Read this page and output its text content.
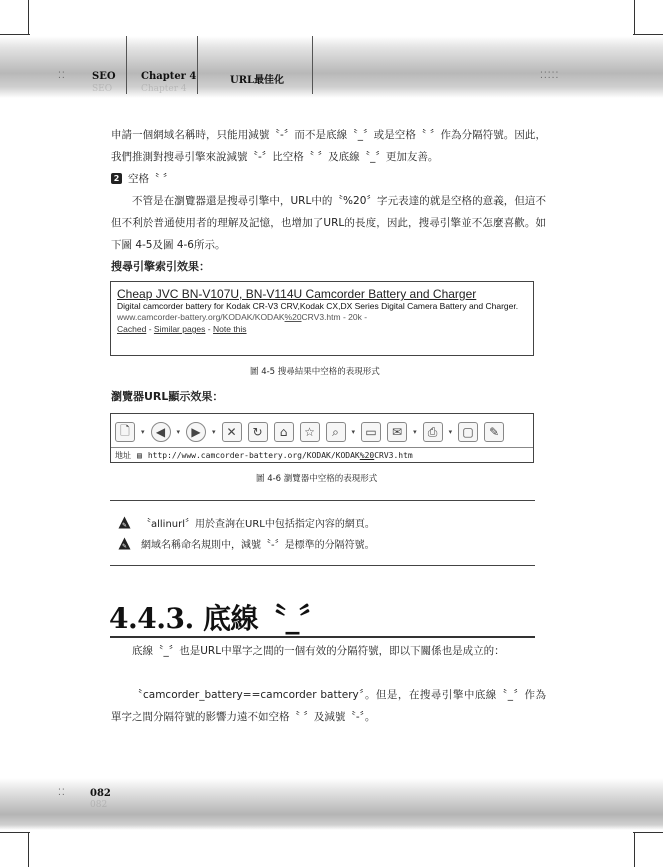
⁚⁚	⁚⁚⁚⁚⁚
SEO
SEO
Chapter 4
Chapter 4
URL最佳化
申請一個網域名稱時，只能用減號〝-〞而不是底線〝_〞或是空格〝 〞作為分隔符號。因此，我們推測對搜尋引擎來說減號〝-〞比空格〝 〞及底線〝_〞更加友善。
2 空格〝 〞
不管是在瀏覽器還是搜尋引擎中，URL中的〝%20〞字元表達的就是空格的意義，但這不但不利於普通使用者的理解及記憶，也增加了URL的長度，因此，搜尋引擎並不怎麼喜歡。如下圖 4-5及圖 4-6所示。
搜尋引擎索引效果：
Cheap JVC BN-V107U, BN-V114U Camcorder Battery and Charger
Digital camcorder battery for Kodak CR-V3 CRV,Kodak CX,DX Series Digital Camera Battery and Charger.
www.camcorder-battery.org/KODAK/KODAK%20CRV3.htm - 20k -
Cached - Similar pages - Note this
圖 4-5 搜尋結果中空格的表現形式
瀏覽器URL顯示效果：
🗋	▾ ◀	▾ ▶	▾ ✕	↻	⌂	☆	⌕	▾ ▭	✉	▾ ⎙	▾ ▢	✎
地址 ▤ http://www.camcorder-battery.org/KODAK/KODAK%20CRV3.htm
圖 4-6 瀏覽器中空格的表現形式
✎ 〝allinurl〞用於查詢在URL中包括指定內容的網頁。
✎ 網域名稱命名規則中，減號〝-〞是標準的分隔符號。
4.4.3. 底線〝_〞
底線〝_〞也是URL中單字之間的一個有效的分隔符號，即以下關係也是成立的：
〝camcorder_battery==camcorder battery〞。但是，在搜尋引擎中底線〝_〞作為單字之間分隔符號的影響力遠不如空格〝 〞及減號〝-〞。
⁚⁚ 082
082
